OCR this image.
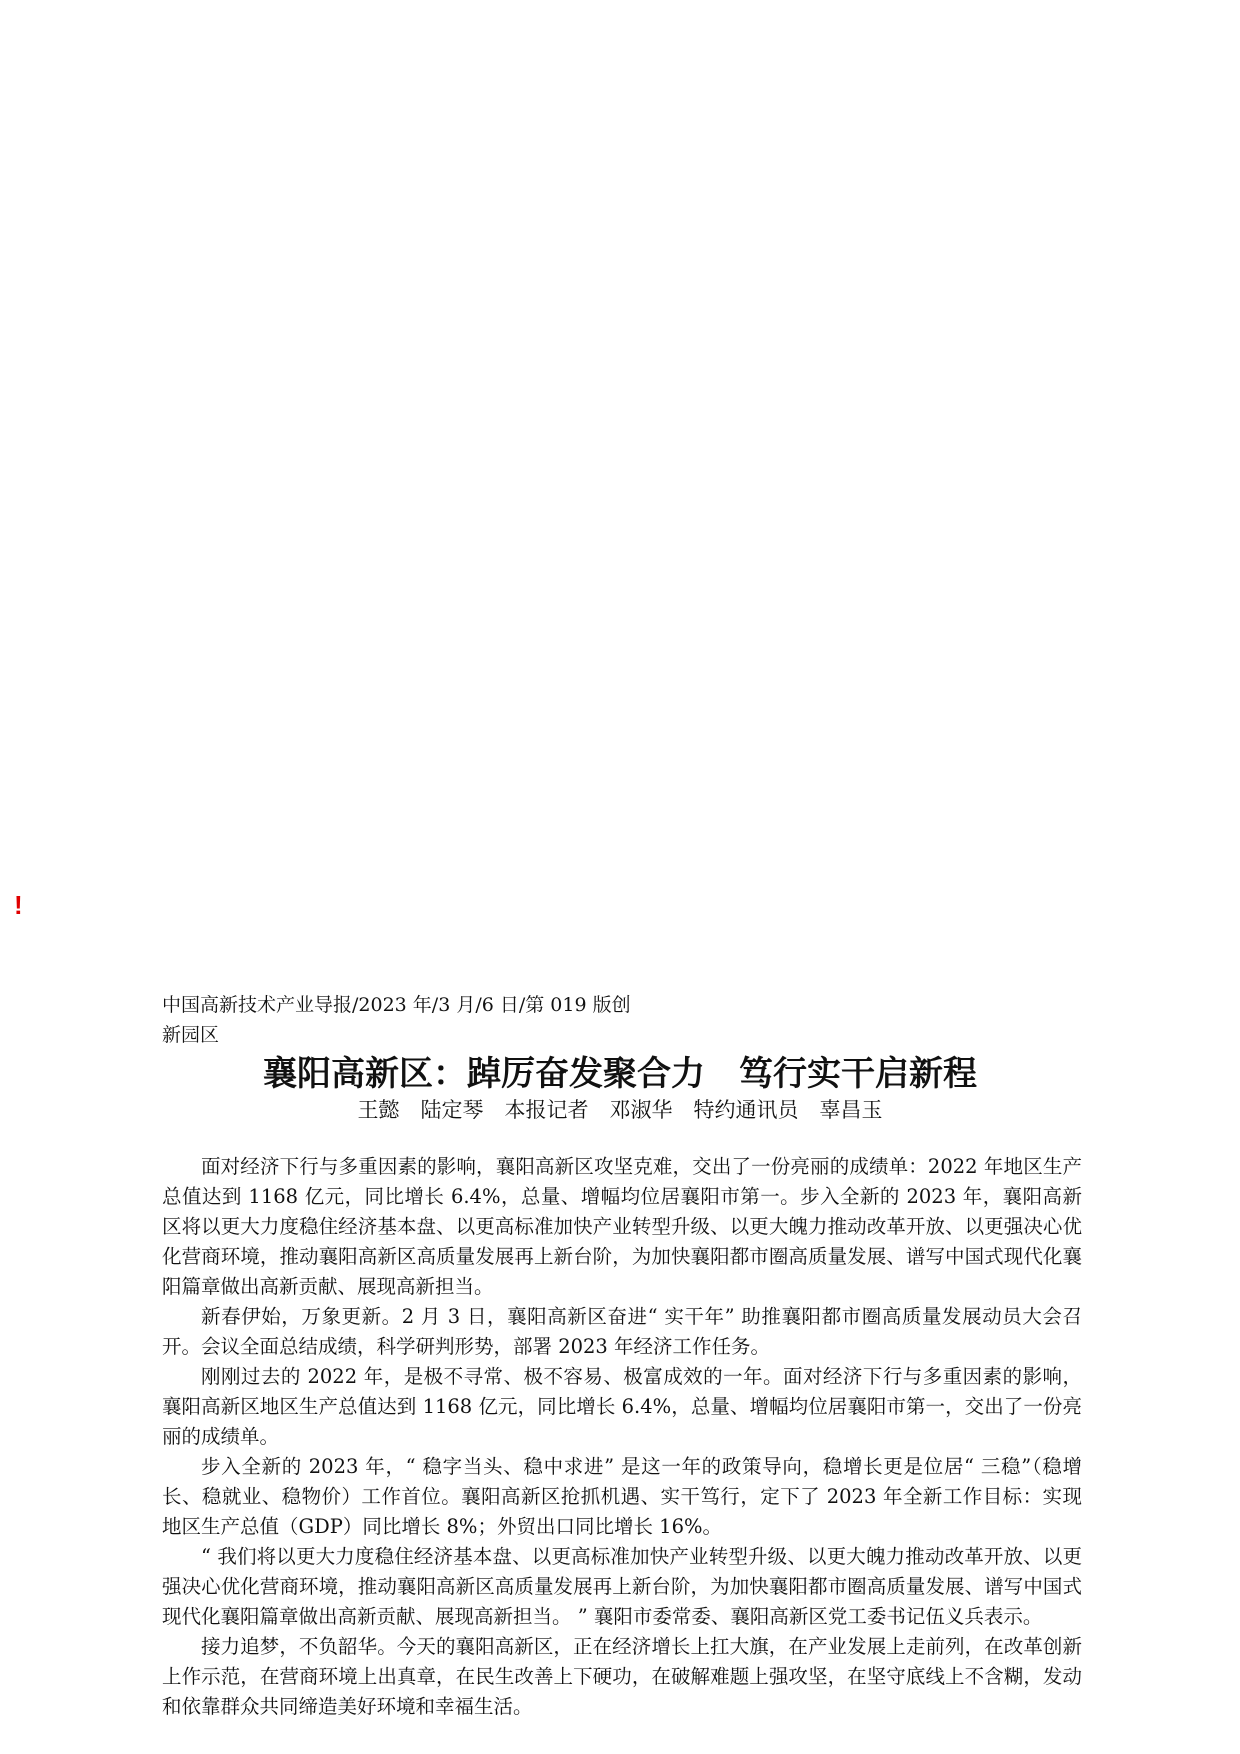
!
中国高新技术产业导报/2023 年/3 月/6 日/第 019 版创新园区
襄阳高新区：踔厉奋发聚合力　笃行实干启新程
王懿　陆定琴　本报记者　邓淑华　特约通讯员　辜昌玉

面对经济下行与多重因素的影响，襄阳高新区攻坚克难，交出了一份亮丽的成绩单：2022 年地区生产总值达到 1168 亿元，同比增长 6.4%，总量、增幅均位居襄阳市第一。步入全新的 2023 年，襄阳高新区将以更大力度稳住经济基本盘、以更高标准加快产业转型升级、以更大魄力推动改革开放、以更强决心优化营商环境，推动襄阳高新区高质量发展再上新台阶，为加快襄阳都市圈高质量发展、谱写中国式现代化襄阳篇章做出高新贡献、展现高新担当。

新春伊始，万象更新。2 月 3 日，襄阳高新区奋进“ 实干年” 助推襄阳都市圈高质量发展动员大会召开。会议全面总结成绩，科学研判形势，部署 2023 年经济工作任务。

刚刚过去的 2022 年，是极不寻常、极不容易、极富成效的一年。面对经济下行与多重因素的影响，襄阳高新区地区生产总值达到 1168 亿元，同比增长 6.4%，总量、增幅均位居襄阳市第一，交出了一份亮丽的成绩单。

步入全新的 2023 年，“ 稳字当头、稳中求进” 是这一年的政策导向，稳增长更是位居“ 三稳”（稳增长、稳就业、稳物价）工作首位。襄阳高新区抢抓机遇、实干笃行，定下了 2023 年全新工作目标：实现地区生产总值（GDP）同比增长 8%；外贸出口同比增长 16%。

“ 我们将以更大力度稳住经济基本盘、以更高标准加快产业转型升级、以更大魄力推动改革开放、以更强决心优化营商环境，推动襄阳高新区高质量发展再上新台阶，为加快襄阳都市圈高质量发展、谱写中国式现代化襄阳篇章做出高新贡献、展现高新担当。 ” 襄阳市委常委、襄阳高新区党工委书记伍义兵表示。

接力追梦，不负韶华。今天的襄阳高新区，正在经济增长上扛大旗，在产业发展上走前列，在改革创新上作示范，在营商环境上出真章，在民生改善上下硬功，在破解难题上强攻坚，在坚守底线上不含糊，发动和依靠群众共同缔造美好环境和幸福生活。
